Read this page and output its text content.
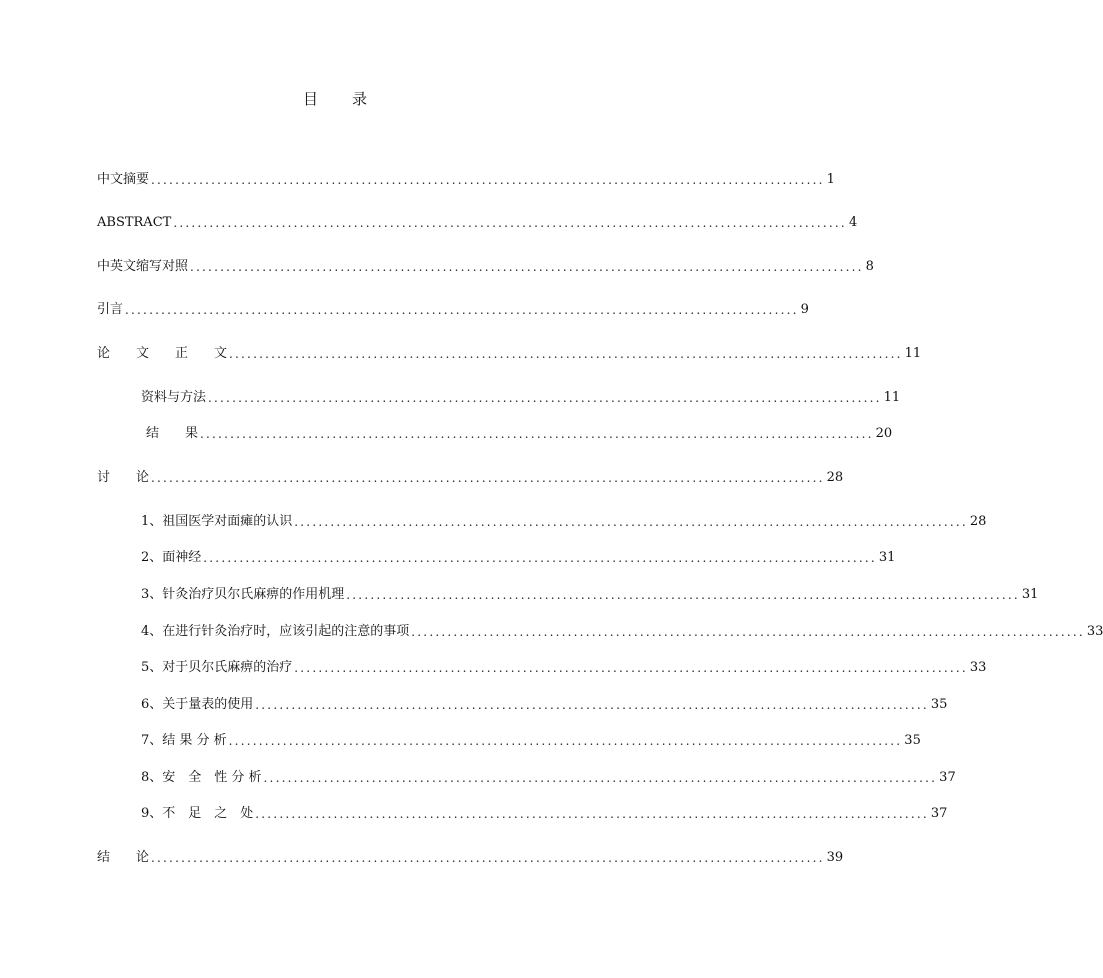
目 录
中文摘要 ................................................................................................................ 1
ABSTRACT ................................................................................................................ 4
中英文缩写对照 ................................................................................................................ 8
引言 ................................................................................................................ 9
论　　文　　正　　文 ................................................................................................................ 11
资料与方法 ................................................................................................................ 11
结　　果 ................................................................................................................ 20
讨　　论 ................................................................................................................ 28
1、祖国医学对面瘫的认识 ................................................................................................................ 28
2、面神经 ................................................................................................................ 31
3、针灸治疗贝尔氏麻痹的作用机理 ................................................................................................................ 31
4、在进行针灸治疗时，应该引起的注意的事项 ................................................................................................................ 33
5、对于贝尔氏麻痹的治疗 ................................................................................................................ 33
6、关于量表的使用 ................................................................................................................ 35
7、结 果 分 析 ................................................................................................................ 35
8、安　全　性 分 析 ................................................................................................................ 37
9、不　足　之　处 ................................................................................................................ 37
结　　论 ................................................................................................................ 39
